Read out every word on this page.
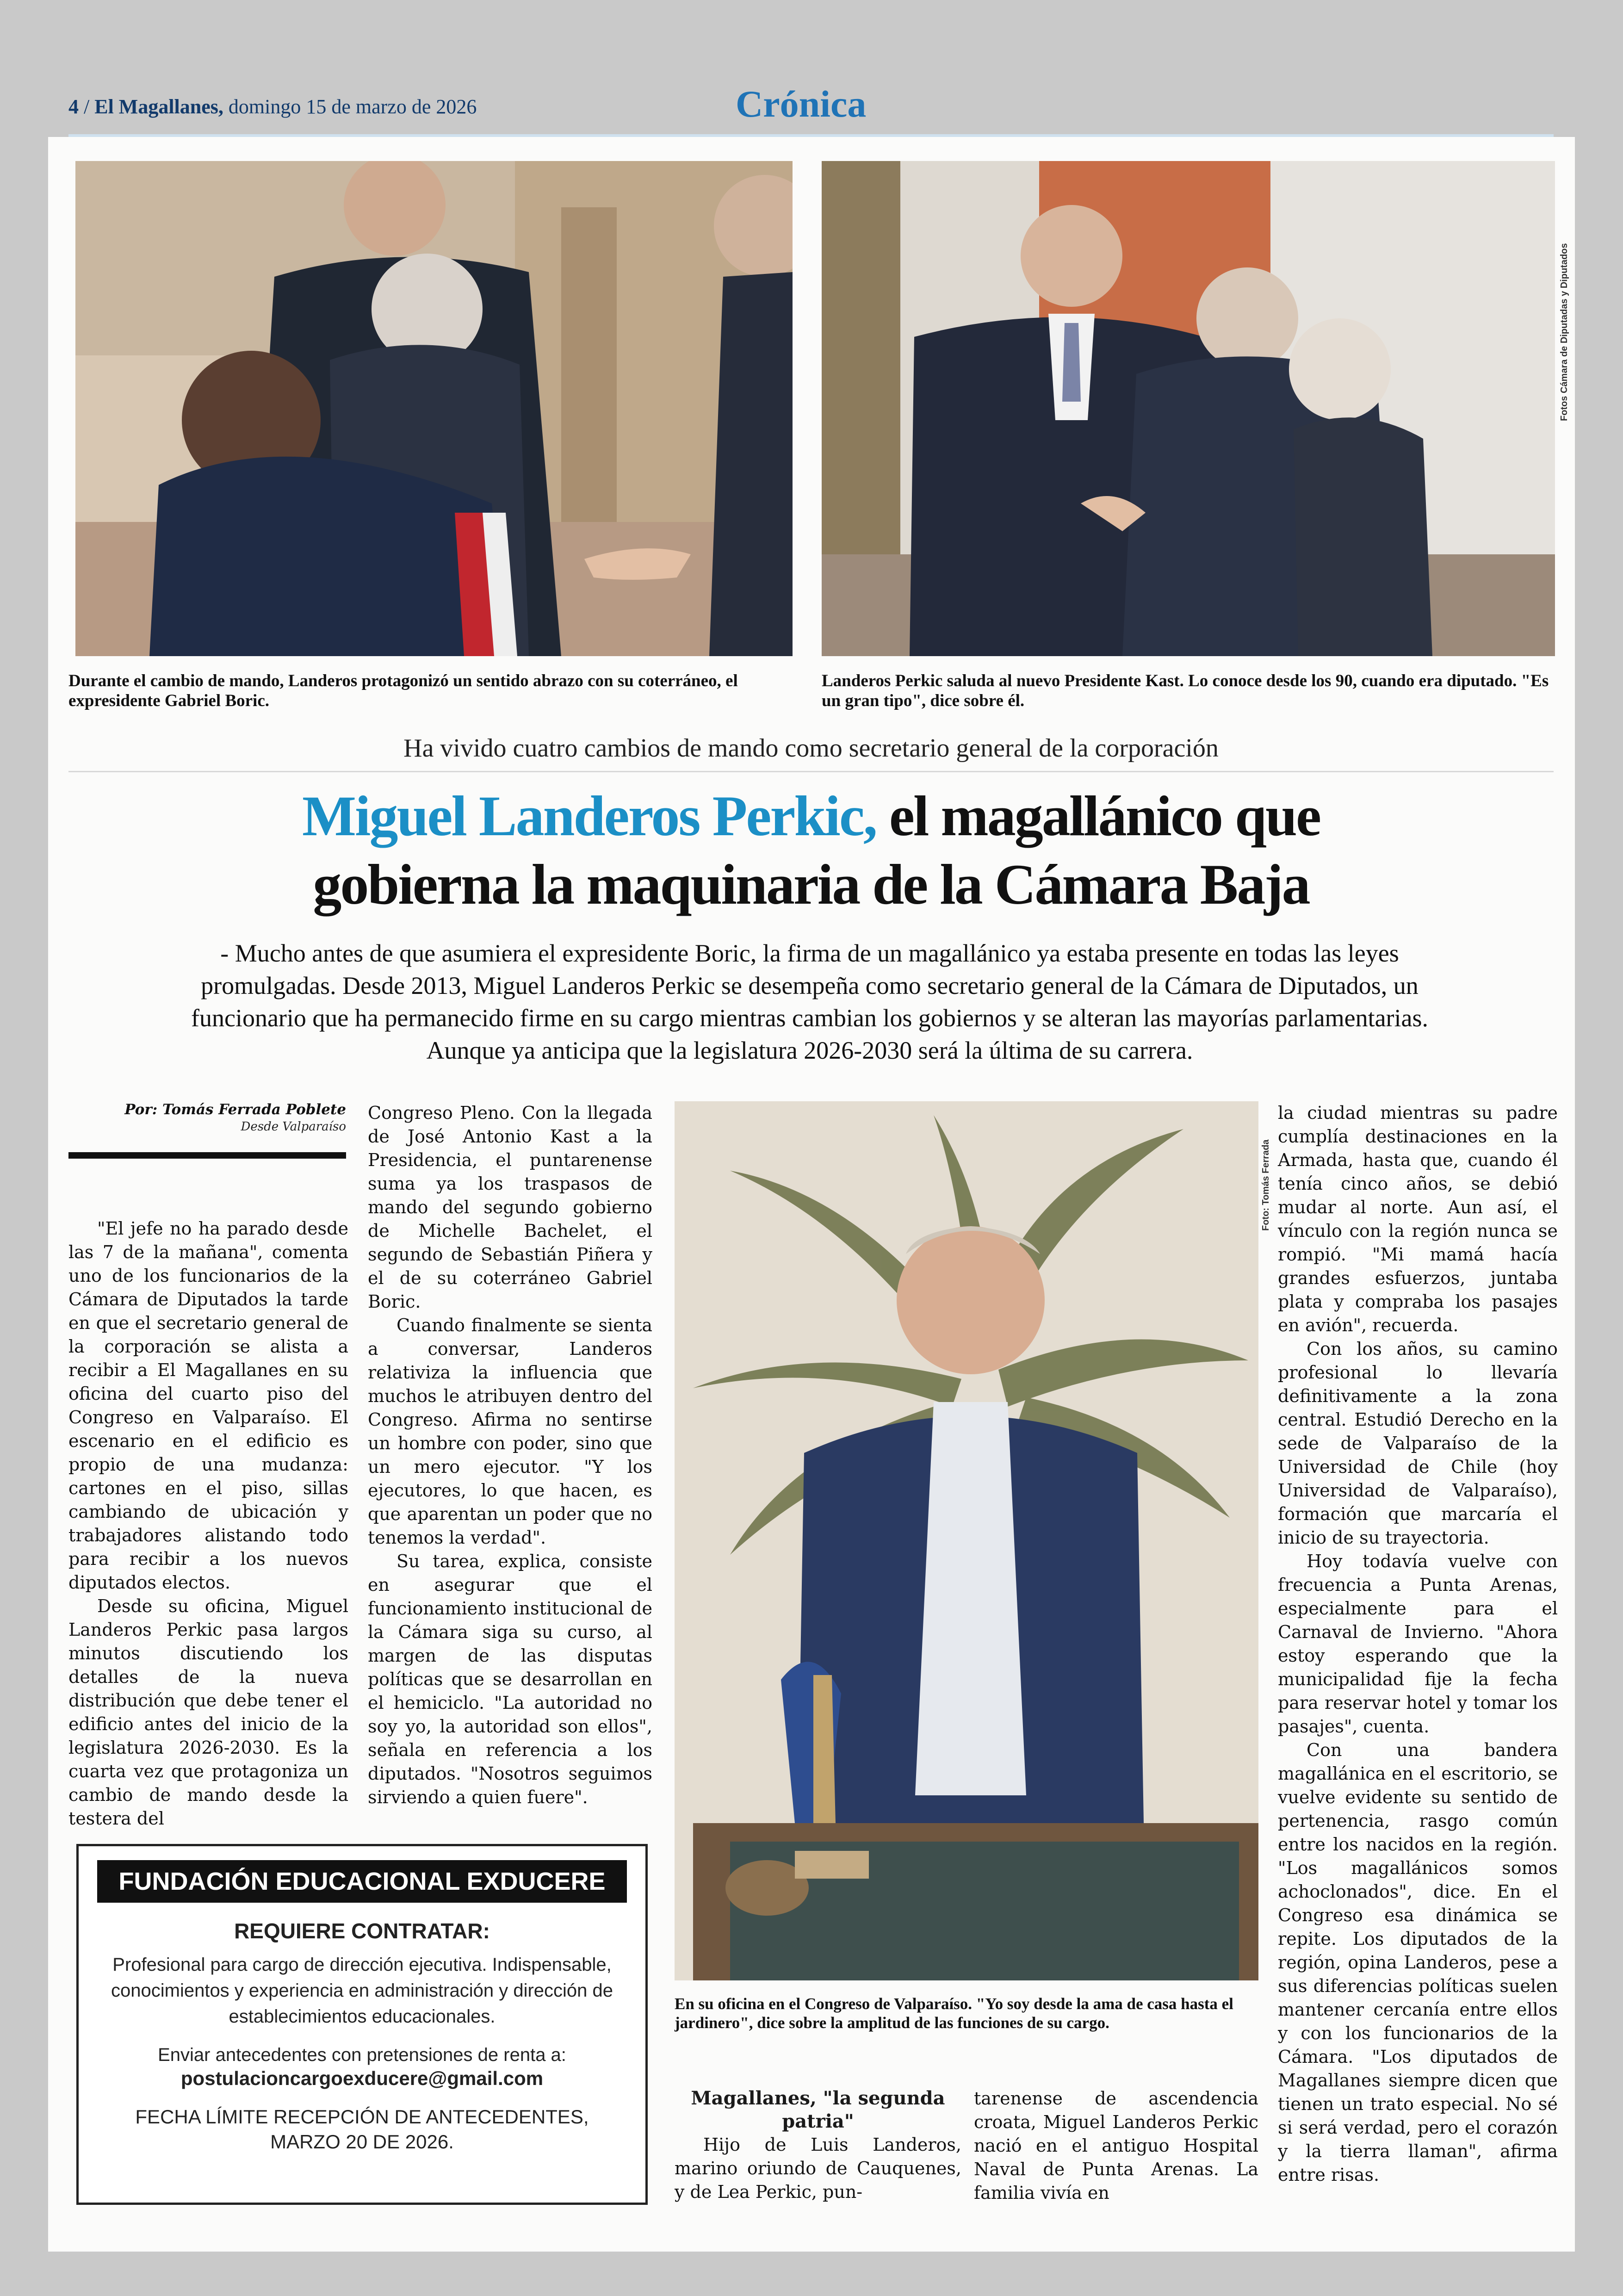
4 / El Magallanes, domingo 15 de marzo de 2026	Crónica
Fotos Cámara de Diputadas y Diputados
Durante el cambio de mando, Landeros protagonizó un sentido abrazo con su coterráneo, el expresidente Gabriel Boric.
Landeros Perkic saluda al nuevo Presidente Kast. Lo conoce desde los 90, cuando era diputado. "Es un gran tipo", dice sobre él.
Ha vivido cuatro cambios de mando como secretario general de la corporación
Miguel Landeros Perkic, el magallánico que
gobierna la maquinaria de la Cámara Baja
- Mucho antes de que asumiera el expresidente Boric, la firma de un magallánico ya estaba presente en todas las leyes promulgadas. Desde 2013, Miguel Landeros Perkic se desempeña como secretario general de la Cámara de Diputados, un funcionario que ha permanecido firme en su cargo mientras cambian los gobiernos y se alteran las mayorías parlamentarias. Aunque ya anticipa que la legislatura 2026-2030 será la última de su carrera.
Por: Tomás Ferrada Poblete
Desde Valparaíso

"El jefe no ha parado desde las 7 de la mañana", comenta uno de los funcionarios de la Cámara de Diputados la tarde en que el secretario general de la corporación se alista a recibir a El Magallanes en su oficina del cuarto piso del Congreso en Valparaíso. El escenario en el edificio es propio de una mudanza: cartones en el piso, sillas cambiando de ubicación y trabajadores alistando todo para recibir a los nuevos diputados electos.

Desde su oficina, Miguel Landeros Perkic pasa largos minutos discutiendo los detalles de la nueva distribución que debe tener el edificio antes del inicio de la legislatura 2026-2030. Es la cuarta vez que protagoniza un cambio de mando desde la testera del

Congreso Pleno. Con la llegada de José Antonio Kast a la Presidencia, el puntarenense suma ya los traspasos de mando del segundo gobierno de Michelle Bachelet, el segundo de Sebastián Piñera y el de su coterráneo Gabriel Boric.

Cuando finalmente se sienta a conversar, Landeros relativiza la influencia que muchos le atribuyen dentro del Congreso. Afirma no sentirse un hombre con poder, sino que un mero ejecutor. "Y los ejecutores, lo que hacen, es que aparentan un poder que no tenemos la verdad".

Su tarea, explica, consiste en asegurar que el funcionamiento institucional de la Cámara siga su curso, al margen de las disputas políticas que se desarrollan en el hemiciclo. "La autoridad no soy yo, la autoridad son ellos", señala en referencia a los diputados. "Nosotros seguimos sirviendo a quien fuere".

FUNDACIÓN EDUCACIONAL EXDUCERE
REQUIERE CONTRATAR:
Profesional para cargo de dirección ejecutiva. Indispensable, conocimientos y experiencia en administración y dirección de establecimientos educacionales.
Enviar antecedentes con pretensiones de renta a:
postulacioncargoexducere@gmail.com
FECHA LÍMITE RECEPCIÓN DE ANTECEDENTES, MARZO 20 DE 2026.
Foto: Tomás Ferrada
En su oficina en el Congreso de Valparaíso. "Yo soy desde la ama de casa hasta el jardinero", dice sobre la amplitud de las funciones de su cargo.
Magallanes, "la segunda patria"

Hijo de Luis Landeros, marino oriundo de Cauquenes, y de Lea Perkic, pun-

tarenense de ascendencia croata, Miguel Landeros Perkic nació en el antiguo Hospital Naval de Punta Arenas. La familia vivía en

la ciudad mientras su padre cumplía destinaciones en la Armada, hasta que, cuando él tenía cinco años, se debió mudar al norte. Aun así, el vínculo con la región nunca se rompió. "Mi mamá hacía grandes esfuerzos, juntaba plata y compraba los pasajes en avión", recuerda.

Con los años, su camino profesional lo llevaría definitivamente a la zona central. Estudió Derecho en la sede de Valparaíso de la Universidad de Chile (hoy Universidad de Valparaíso), formación que marcaría el inicio de su trayectoria.

Hoy todavía vuelve con frecuencia a Punta Arenas, especialmente para el Carnaval de Invierno. "Ahora estoy esperando que la municipalidad fije la fecha para reservar hotel y tomar los pasajes", cuenta.

Con una bandera magallánica en el escritorio, se vuelve evidente su sentido de pertenencia, rasgo común entre los nacidos en la región. "Los magallánicos somos achoclonados", dice. En el Congreso esa dinámica se repite. Los diputados de la región, opina Landeros, pese a sus diferencias políticas suelen mantener cercanía entre ellos y con los funcionarios de la Cámara. "Los diputados de Magallanes siempre dicen que tienen un trato especial. No sé si será verdad, pero el corazón y la tierra llaman", afirma entre risas.
